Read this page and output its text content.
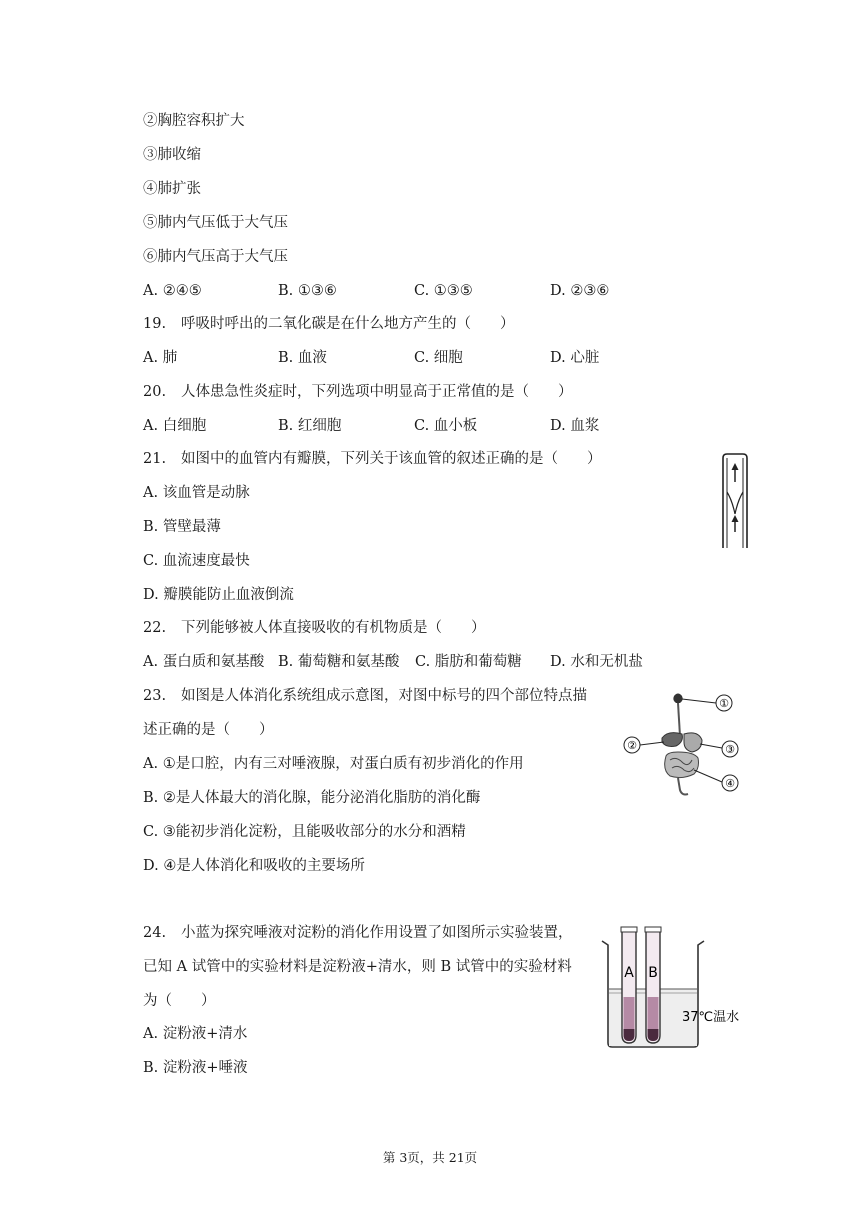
②胸腔容积扩大
③肺收缩
④肺扩张
⑤肺内气压低于大气压
⑥肺内气压高于大气压
A. ②④⑤	B. ①③⑥	C. ①③⑤	D. ②③⑥
19. 呼吸时呼出的二氧化碳是在什么地方产生的（　　）
A. 肺	B. 血液	C. 细胞	D. 心脏
20. 人体患急性炎症时，下列选项中明显高于正常值的是（　　）
A. 白细胞	B. 红细胞	C. 血小板	D. 血浆
21. 如图中的血管内有瓣膜，下列关于该血管的叙述正确的是（　　）
A. 该血管是动脉
B. 管壁最薄
C. 血流速度最快
D. 瓣膜能防止血液倒流
22. 下列能够被人体直接吸收的有机物质是（　　）
A. 蛋白质和氨基酸 B. 葡萄糖和氨基酸 C. 脂肪和葡萄糖 D. 水和无机盐
23. 如图是人体消化系统组成示意图，对图中标号的四个部位特点描
述正确的是（　　）
A. ①是口腔，内有三对唾液腺，对蛋白质有初步消化的作用
B. ②是人体最大的消化腺，能分泌消化脂肪的消化酶
C. ③能初步消化淀粉，且能吸收部分的水分和酒精
D. ④是人体消化和吸收的主要场所
①
②	③
④
24. 小蓝为探究唾液对淀粉的消化作用设置了如图所示实验装置，
已知 A 试管中的实验材料是淀粉液+清水，则 B 试管中的实验材料
为（　　）
A. 淀粉液+清水
B. 淀粉液+唾液
A B
37℃温水
第 3页，共 21页
